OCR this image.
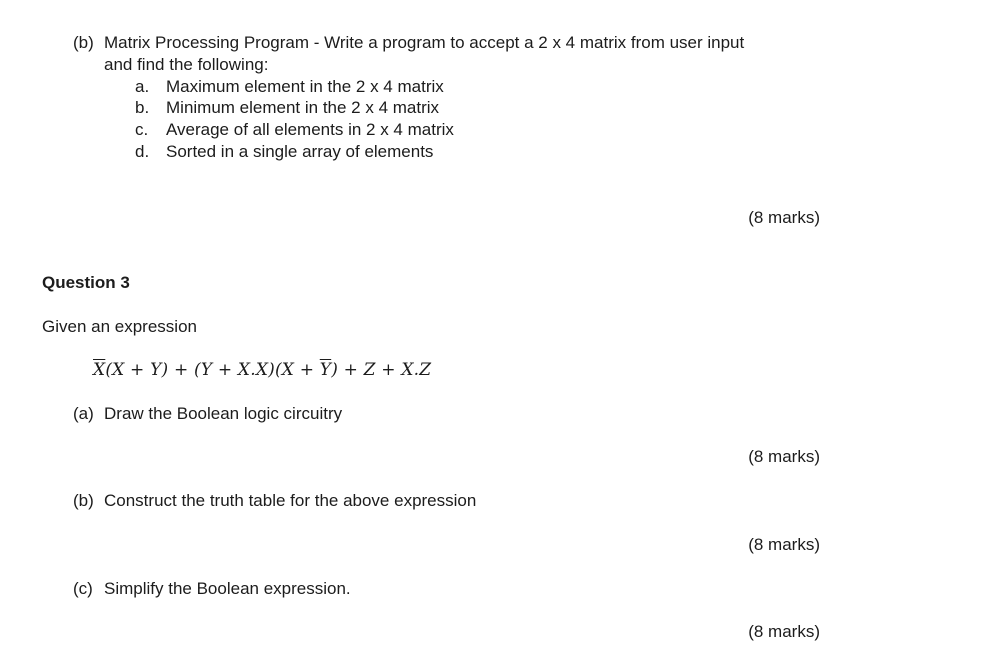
(b) Matrix Processing Program - Write a program to accept a 2 x 4 matrix from user input
and find the following:
a. Maximum element in the 2 x 4 matrix
b. Minimum element in the 2 x 4 matrix
c. Average of all elements in 2 x 4 matrix
d. Sorted in a single array of elements
(8 marks)
Question 3
Given an expression
$\overline{X}(X + Y) + (Y + X.X)(X + \overline{Y}) + Z + X.Z$
(a) Draw the Boolean logic circuitry
(8 marks)
(b) Construct the truth table for the above expression
(8 marks)
(c) Simplify the Boolean expression.
(8 marks)
